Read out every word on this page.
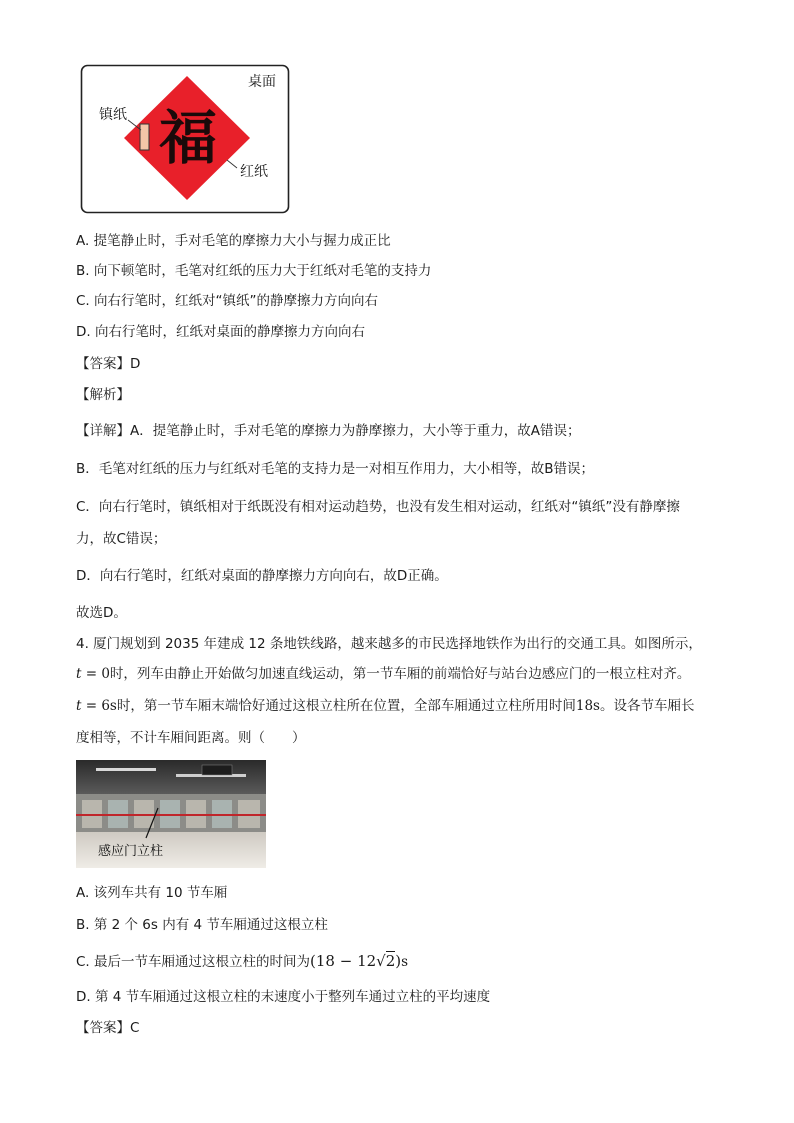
福
桌面
镇纸
红纸
A. 提笔静止时，手对毛笔的摩擦力大小与握力成正比
B. 向下顿笔时，毛笔对红纸的压力大于红纸对毛笔的支持力
C. 向右行笔时，红纸对“镇纸”的静摩擦力方向向右
D. 向右行笔时，红纸对桌面的静摩擦力方向向右
【答案】D
【解析】
【详解】A．提笔静止时，手对毛笔的摩擦力为静摩擦力，大小等于重力，故A错误；
B．毛笔对红纸的压力与红纸对毛笔的支持力是一对相互作用力，大小相等，故B错误；
C．向右行笔时，镇纸相对于纸既没有相对运动趋势，也没有发生相对运动，红纸对“镇纸”没有静摩擦
力，故C错误；
D．向右行笔时，红纸对桌面的静摩擦力方向向右，故D正确。
故选D。
4. 厦门规划到 2035 年建成 12 条地铁线路，越来越多的市民选择地铁作为出行的交通工具。如图所示，
t = 0时，列车由静止开始做匀加速直线运动，第一节车厢的前端恰好与站台边感应门的一根立柱对齐。
t = 6s时，第一节车厢末端恰好通过这根立柱所在位置，全部车厢通过立柱所用时间18s。设各节车厢长
度相等，不计车厢间距离。则（　　）
感应门立柱
A. 该列车共有 10 节车厢
B. 第 2 个 6s 内有 4 节车厢通过这根立柱
C. 最后一节车厢通过这根立柱的时间为(18 − 12√2)s
D. 第 4 节车厢通过这根立柱的末速度小于整列车通过立柱的平均速度
【答案】C
